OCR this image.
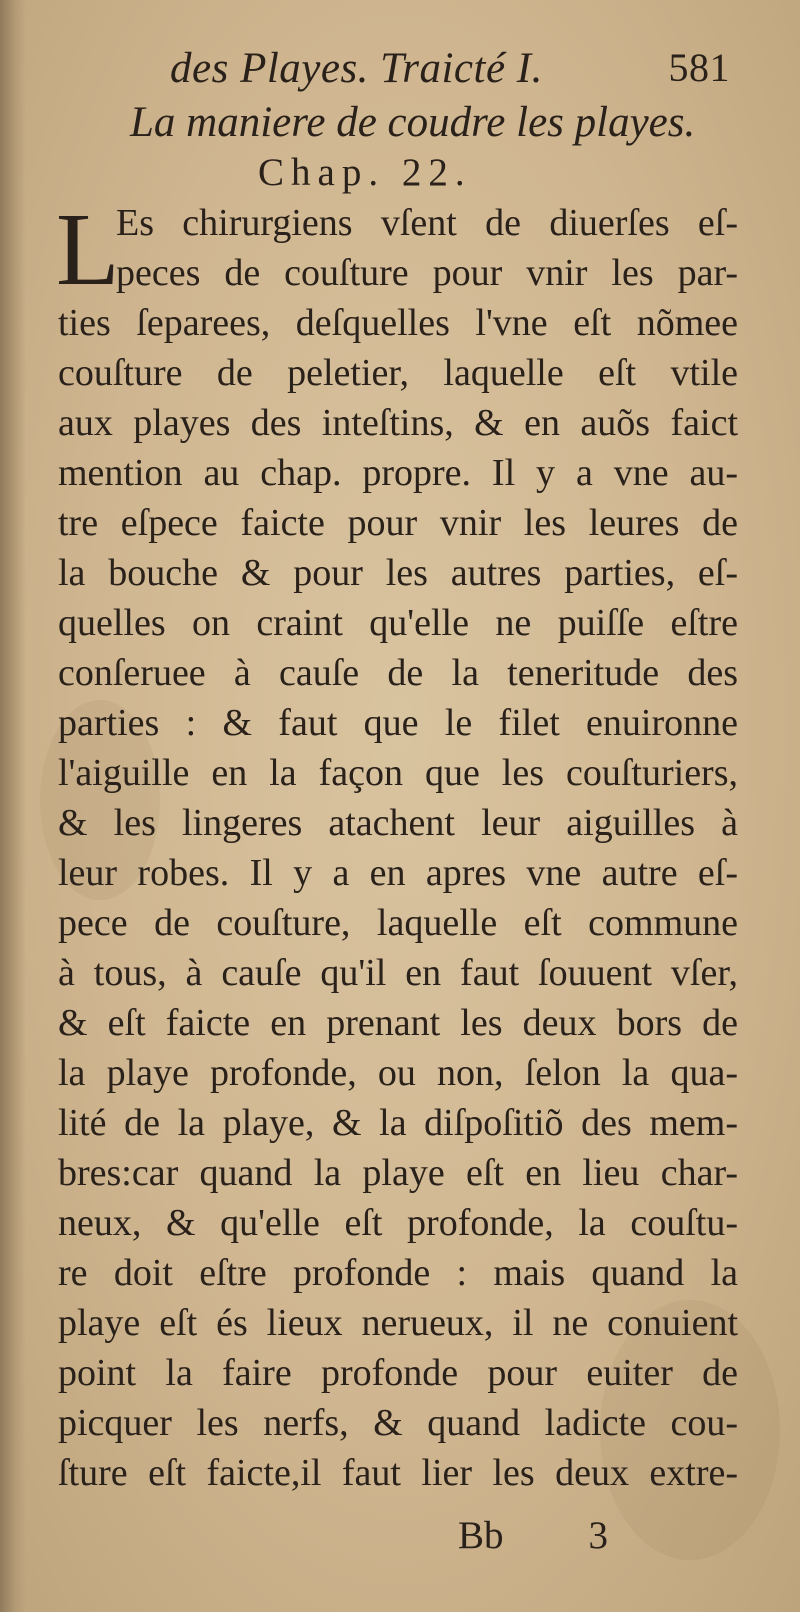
des Playes. Traicté I.	581
La maniere de coudre les playes.
Chap. 22.
L
Es chirurgiens vſent de diuerſes eſ-
peces de couſture pour vnir les par-
ties ſeparees, deſquelles l'vne eſt nõmee
couſture de peletier, laquelle eſt vtile
aux playes des inteſtins, & en auõs faict
mention au chap. propre. Il y a vne au-
tre eſpece faicte pour vnir les leures de
la bouche & pour les autres parties, eſ-
quelles on craint qu'elle ne puiſſe eſtre
conſeruee à cauſe de la teneritude des
parties : & faut que le filet enuironne
l'aiguille en la façon que les couſturiers,
& les lingeres atachent leur aiguilles à
leur robes. Il y a en apres vne autre eſ-
pece de couſture, laquelle eſt commune
à tous, à cauſe qu'il en faut ſouuent vſer,
& eſt faicte en prenant les deux bors de
la playe profonde, ou non, ſelon la qua-
lité de la playe, & la diſpoſitiõ des mem-
bres:car quand la playe eſt en lieu char-
neux, & qu'elle eſt profonde, la couſtu-
re doit eſtre profonde : mais quand la
playe eſt és lieux nerueux, il ne conuient
point la faire profonde pour euiter de
picquer les nerfs, & quand ladicte cou-
ſture eſt faicte,il faut lier les deux extre-
Bb 3
